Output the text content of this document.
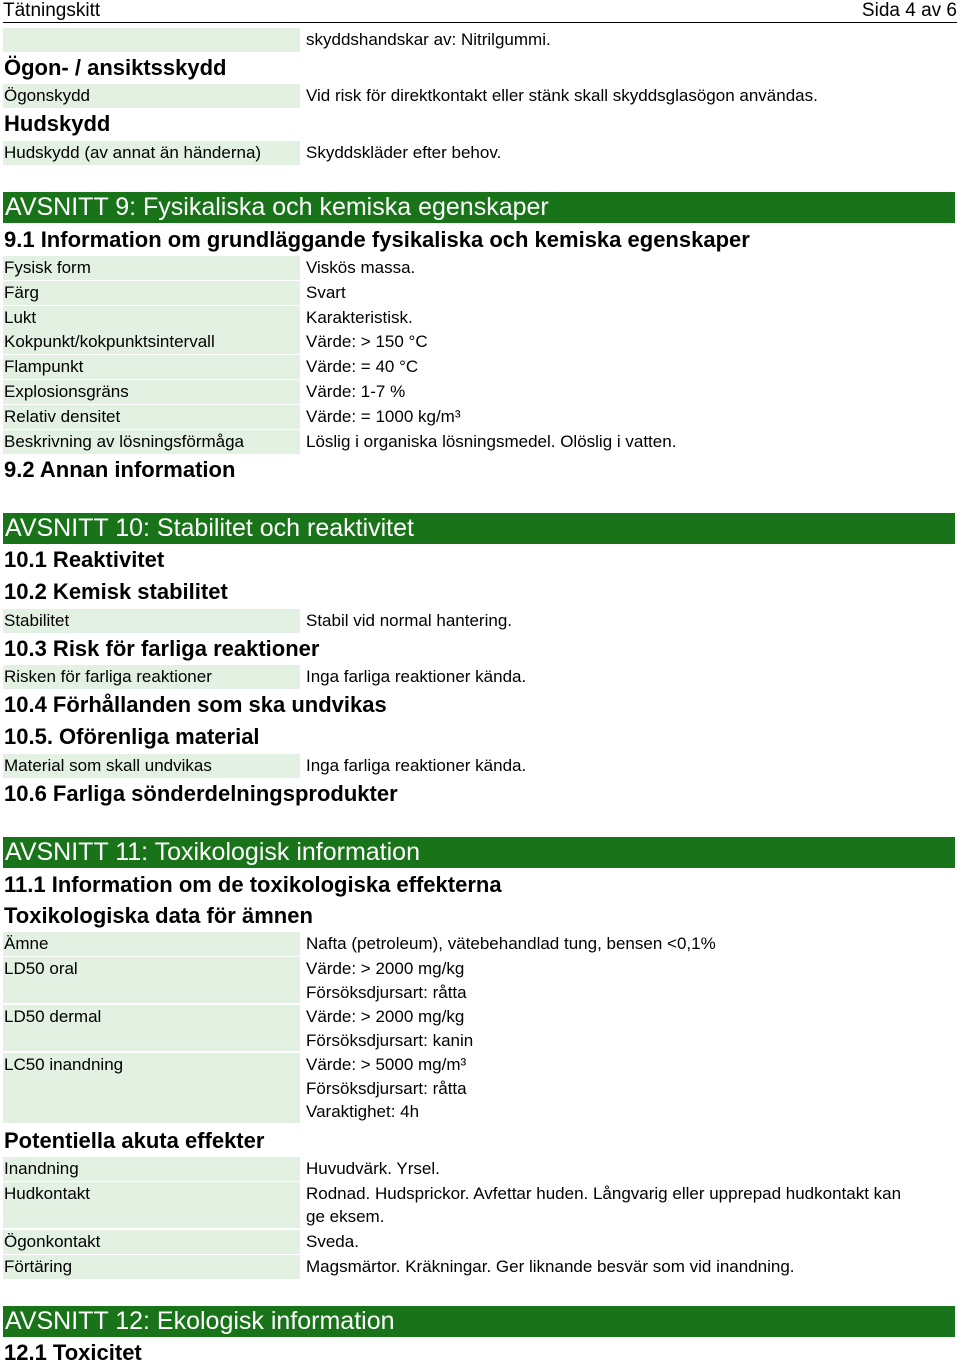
Tätningskitt	Sida 4 av 6
skyddshandskar av: Nitrilgummi.
Ögon- / ansiktsskydd
Ögonskydd	Vid risk för direktkontakt eller stänk skall skyddsglasögon användas.
Hudskydd
Hudskydd (av annat än händerna)	Skyddskläder efter behov.
AVSNITT 9: Fysikaliska och kemiska egenskaper
9.1 Information om grundläggande fysikaliska och kemiska egenskaper
Fysisk form	Viskös massa.
Färg	Svart
Lukt	Karakteristisk.
Kokpunkt/kokpunktsintervall	Värde: > 150 °C
Flampunkt	Värde: = 40 °C
Explosionsgräns	Värde: 1-7 %
Relativ densitet	Värde: = 1000 kg/m³
Beskrivning av lösningsförmåga	Löslig i organiska lösningsmedel. Olöslig i vatten.
9.2 Annan information
AVSNITT 10: Stabilitet och reaktivitet
10.1 Reaktivitet
10.2 Kemisk stabilitet
Stabilitet	Stabil vid normal hantering.
10.3 Risk för farliga reaktioner
Risken för farliga reaktioner	Inga farliga reaktioner kända.
10.4 Förhållanden som ska undvikas
10.5. Oförenliga material
Material som skall undvikas	Inga farliga reaktioner kända.
10.6 Farliga sönderdelningsprodukter
AVSNITT 11: Toxikologisk information
11.1 Information om de toxikologiska effekterna
Toxikologiska data för ämnen
Ämne	Nafta (petroleum), vätebehandlad tung, bensen <0,1%
LD50 oral	Värde: > 2000 mg/kg
Försöksdjursart: råtta
LD50 dermal	Värde: > 2000 mg/kg
Försöksdjursart: kanin
LC50 inandning	Värde: > 5000 mg/m³
Försöksdjursart: råtta
Varaktighet: 4h
Potentiella akuta effekter
Inandning	Huvudvärk. Yrsel.
Hudkontakt	Rodnad. Hudsprickor. Avfettar huden. Långvarig eller upprepad hudkontakt kan
ge eksem.
Ögonkontakt	Sveda.
Förtäring	Magsmärtor. Kräkningar. Ger liknande besvär som vid inandning.
AVSNITT 12: Ekologisk information
12.1 Toxicitet
